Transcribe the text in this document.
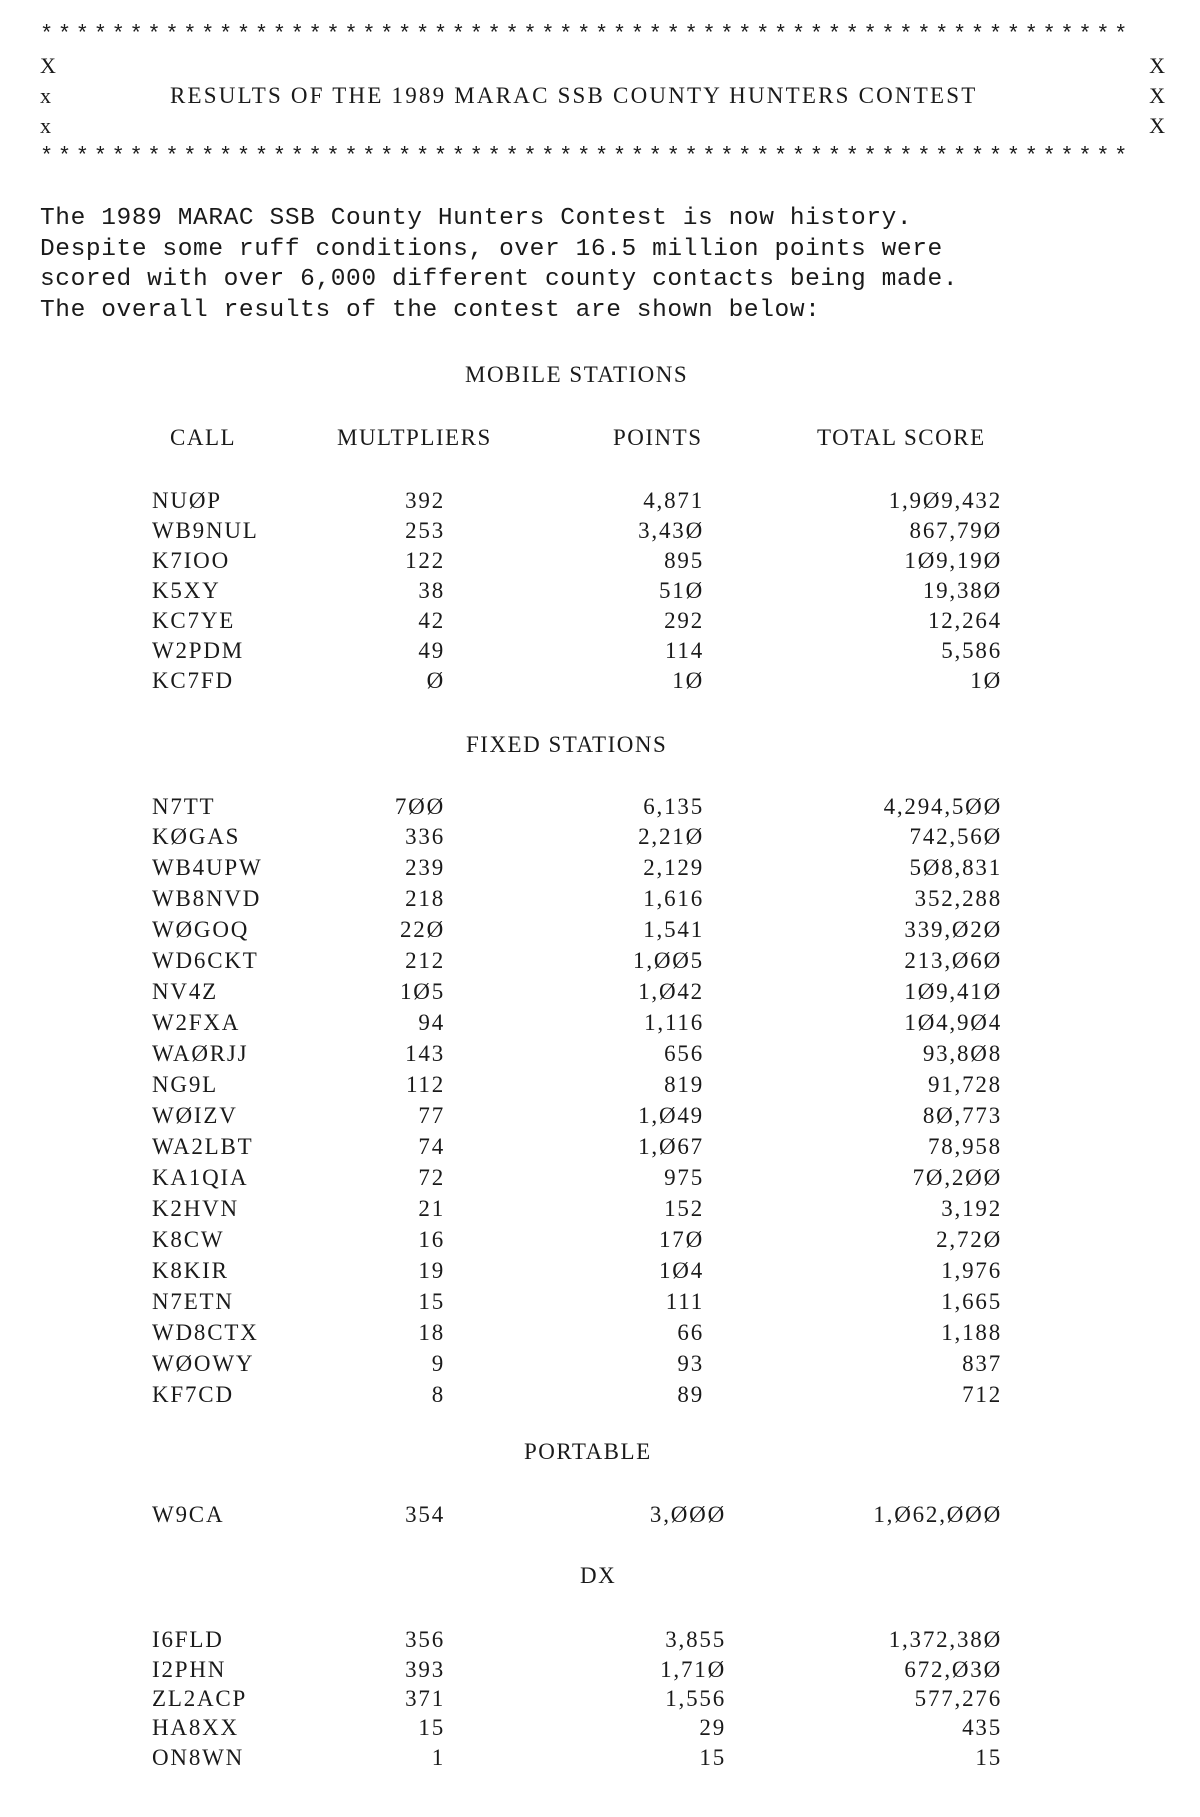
*************************************************************
X	X
x	RESULTS OF THE 1989 MARAC SSB COUNTY HUNTERS CONTEST	X
x	X
*************************************************************
The 1989 MARAC SSB County Hunters Contest is now history.
Despite some ruff conditions, over 16.5 million points were
scored with over 6,000 different county contacts being made.
The overall results of the contest are shown below:
MOBILE STATIONS
CALL	MULTPLIERS	POINTS	TOTAL SCORE
NUØP	392	4,871	1,9Ø9,432
WB9NUL	253	3,43Ø	867,79Ø
K7IOO	122	895	1Ø9,19Ø
K5XY	38	51Ø	19,38Ø
KC7YE	42	292	12,264
W2PDM	49	114	5,586
KC7FD	Ø	1Ø	1Ø
FIXED STATIONS
N7TT	7ØØ	6,135	4,294,5ØØ
KØGAS	336	2,21Ø	742,56Ø
WB4UPW	239	2,129	5Ø8,831
WB8NVD	218	1,616	352,288
WØGOQ	22Ø	1,541	339,Ø2Ø
WD6CKT	212	1,ØØ5	213,Ø6Ø
NV4Z	1Ø5	1,Ø42	1Ø9,41Ø
W2FXA	94	1,116	1Ø4,9Ø4
WAØRJJ	143	656	93,8Ø8
NG9L	112	819	91,728
WØIZV	77	1,Ø49	8Ø,773
WA2LBT	74	1,Ø67	78,958
KA1QIA	72	975	7Ø,2ØØ
K2HVN	21	152	3,192
K8CW	16	17Ø	2,72Ø
K8KIR	19	1Ø4	1,976
N7ETN	15	111	1,665
WD8CTX	18	66	1,188
WØOWY	9	93	837
KF7CD	8	89	712
PORTABLE
W9CA	354	3,ØØØ	1,Ø62,ØØØ
DX
I6FLD	356	3,855	1,372,38Ø
I2PHN	393	1,71Ø	672,Ø3Ø
ZL2ACP	371	1,556	577,276
HA8XX	15	29	435
ON8WN	1	15	15
